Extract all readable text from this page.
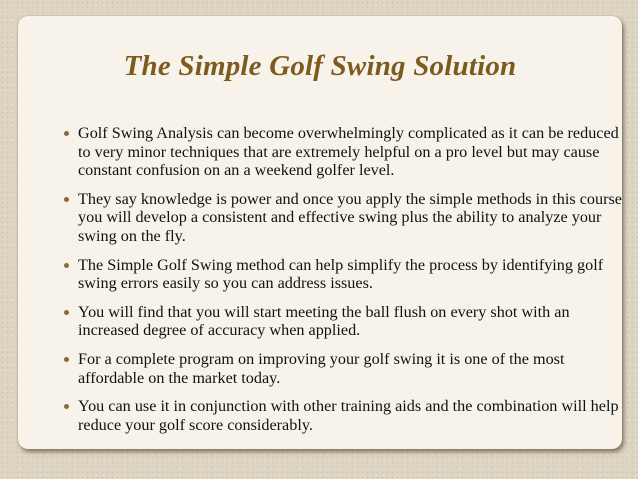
The Simple Golf Swing Solution
Golf Swing Analysis can become overwhelmingly complicated as it can be reduced to very minor techniques that are extremely helpful on a pro level but may cause constant confusion on an a weekend golfer level.
They say knowledge is power and once you apply the simple methods in this course you will develop a consistent and effective swing plus the ability to analyze your swing on the fly.
The Simple Golf Swing method can help simplify the process by identifying golf swing errors easily so you can address issues.
You will find that you will start meeting the ball flush on every shot with an increased degree of accuracy when applied.
For a complete program on improving your golf swing it is one of the most affordable on the market today.
You can use it in conjunction with other training aids and the combination will help reduce your golf score considerably.
